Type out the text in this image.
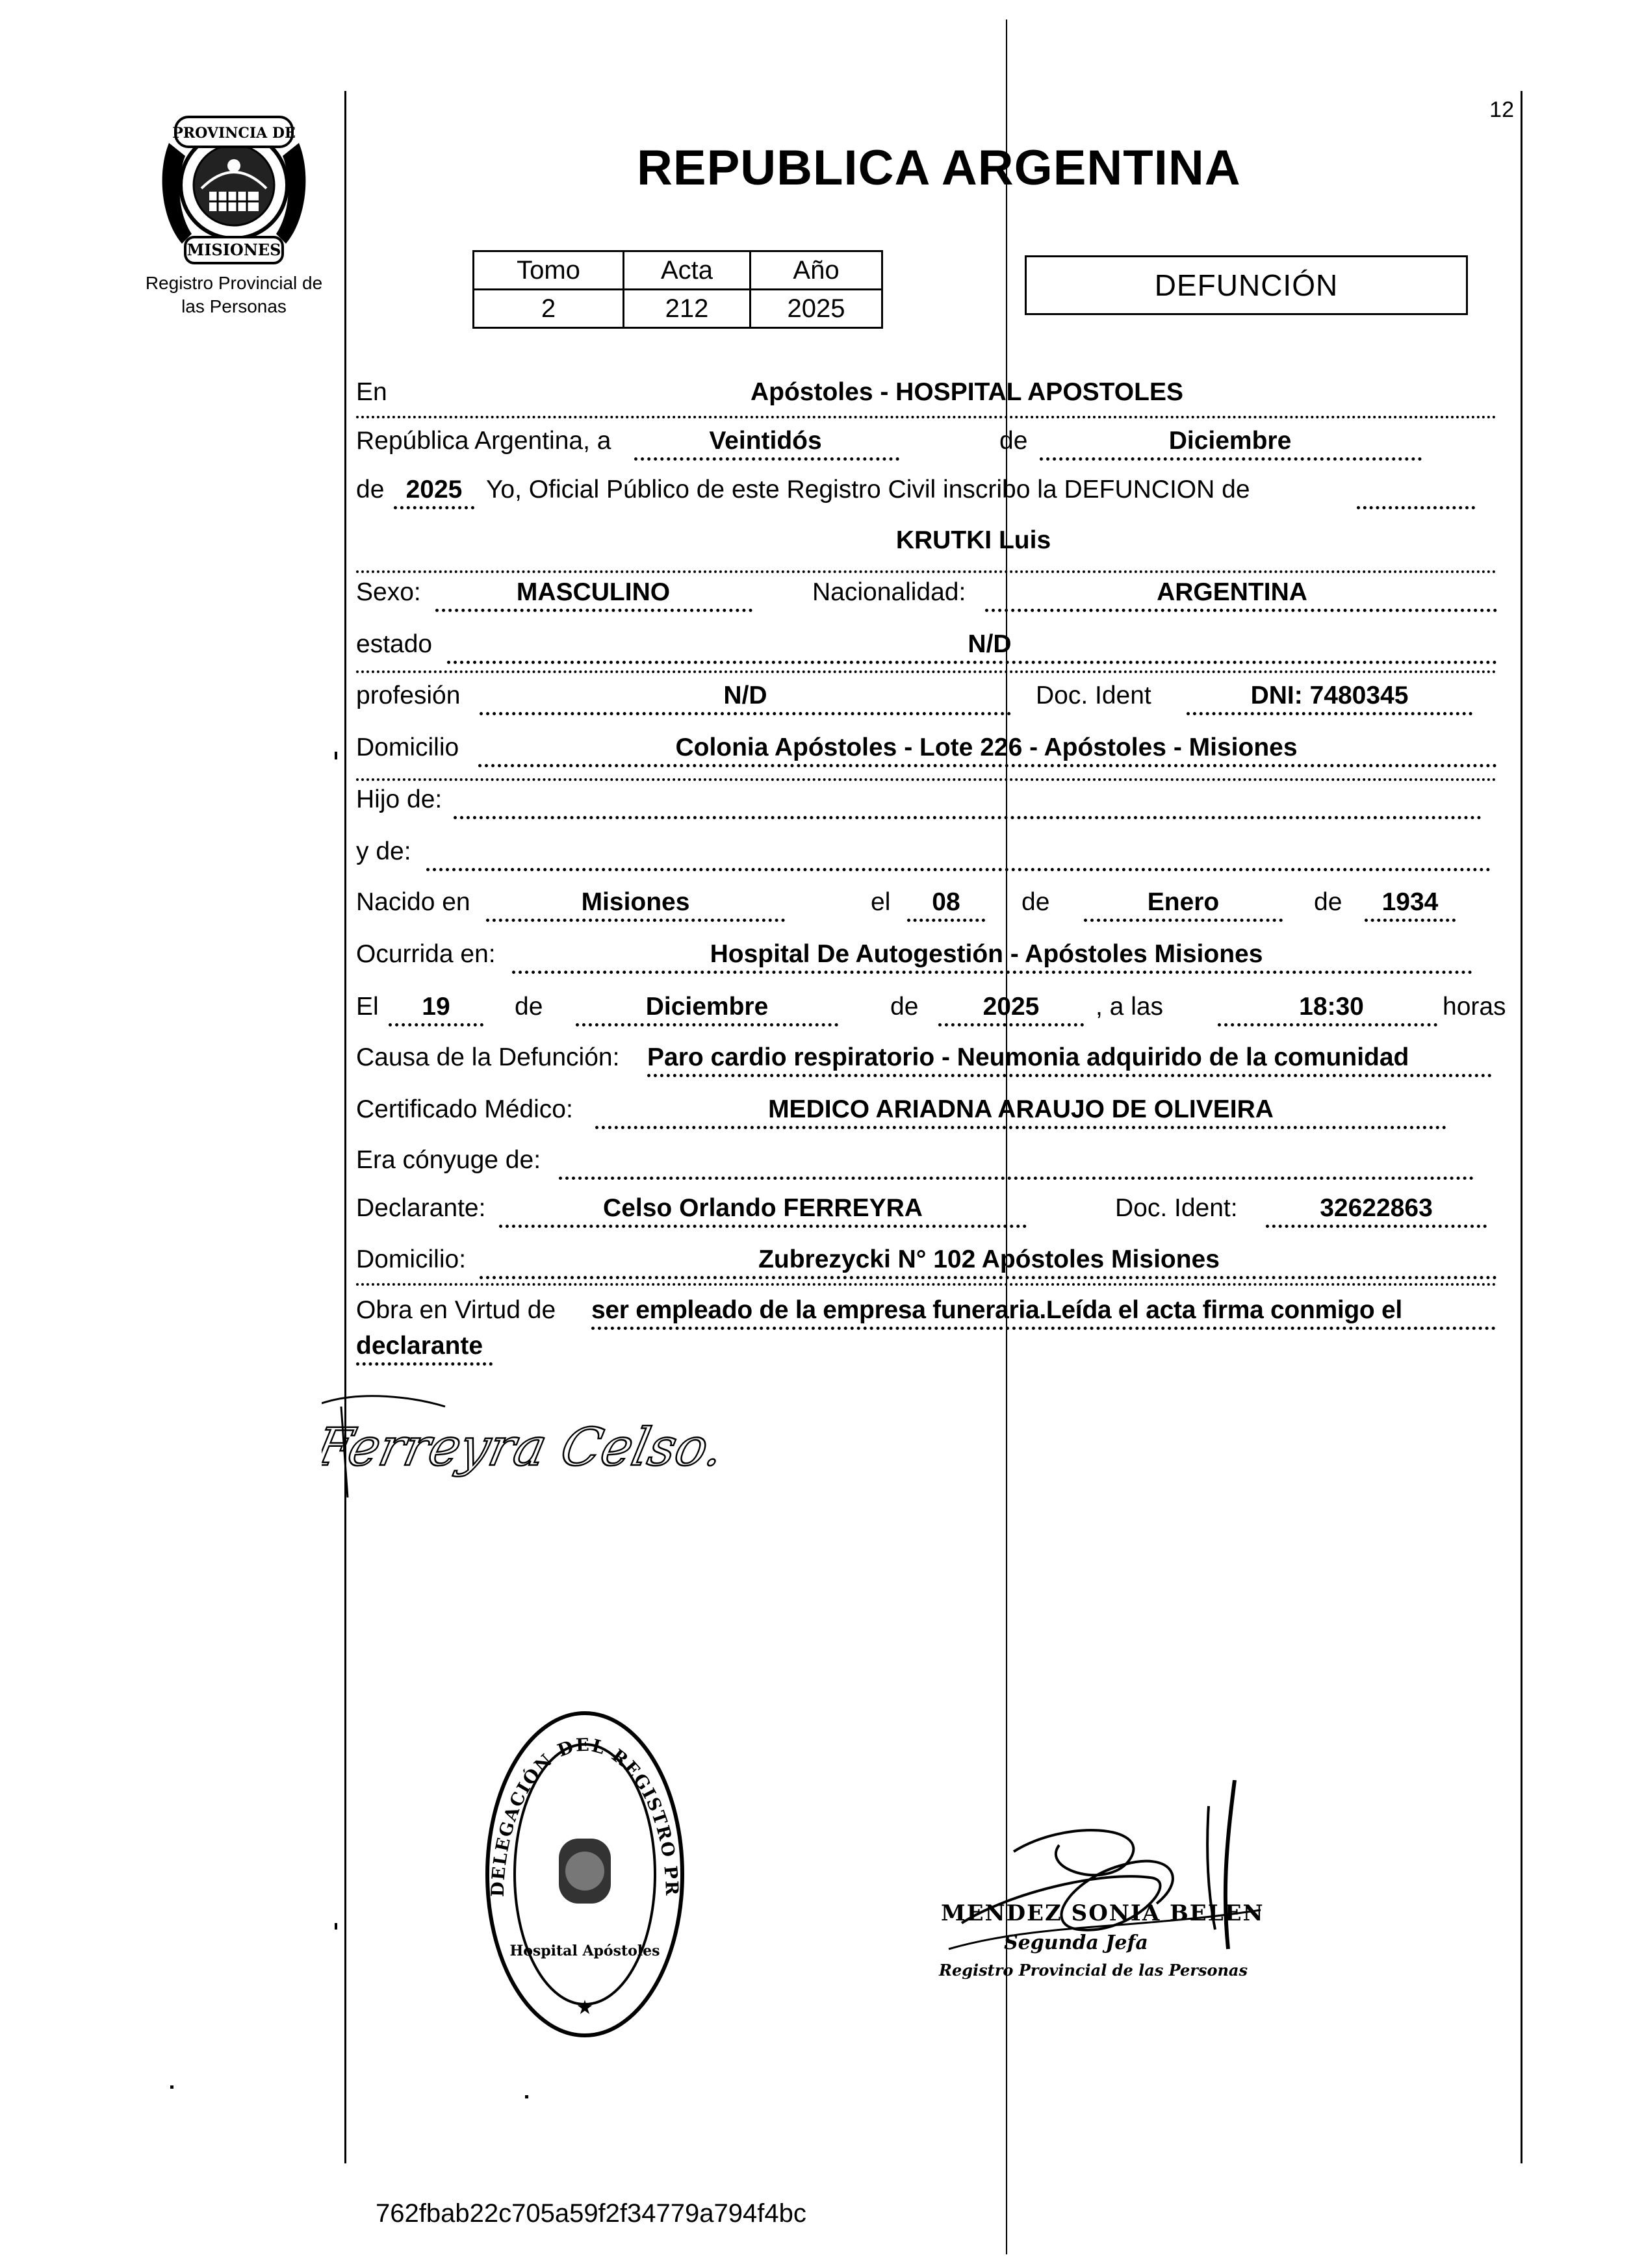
PROVINCIA DE
MISIONES
Registro Provincial de
las Personas
12
REPUBLICA ARGENTINA
Tomo	Acta	Año
2	212	2025
DEFUNCIÓN
En	Apóstoles - HOSPITAL APOSTOLES
República Argentina, a	Veintidós	de	Diciembre
de 2025 Yo, Oficial Público de este Registro Civil inscribo la DEFUNCION de
KRUTKI Luis
Sexo:	MASCULINO	Nacionalidad:	ARGENTINA
estado	N/D
profesión	N/D	Doc. Ident	DNI: 7480345
Domicilio	Colonia Apóstoles - Lote 226 - Apóstoles - Misiones
Hijo de:
y de:
Nacido en	Misiones	el	08	de	Enero	de	1934
Ocurrida en:	Hospital De Autogestión - Apóstoles Misiones
El	19	de	Diciembre	de	2025	, a las	18:30	horas
Causa de la Defunción: Paro cardio respiratorio - Neumonia adquirido de la comunidad
Certificado Médico:	MEDICO ARIADNA ARAUJO DE OLIVEIRA
Era cónyuge de:
Declarante:	Celso Orlando FERREYRA	Doc. Ident:	32622863
Domicilio:	Zubrezycki N° 102 Apóstoles Misiones
Obra en Virtud de ser empleado de la empresa funeraria.Leída el acta firma conmigo el
declarante
Ferreyra Celso.
DELEGACIÓN DEL REGISTRO PR
Hospital Apóstoles
★
MENDEZ SONIA BELEN
Segunda Jefa
Registro Provincial de las Personas
762fbab22c705a59f2f34779a794f4bc
